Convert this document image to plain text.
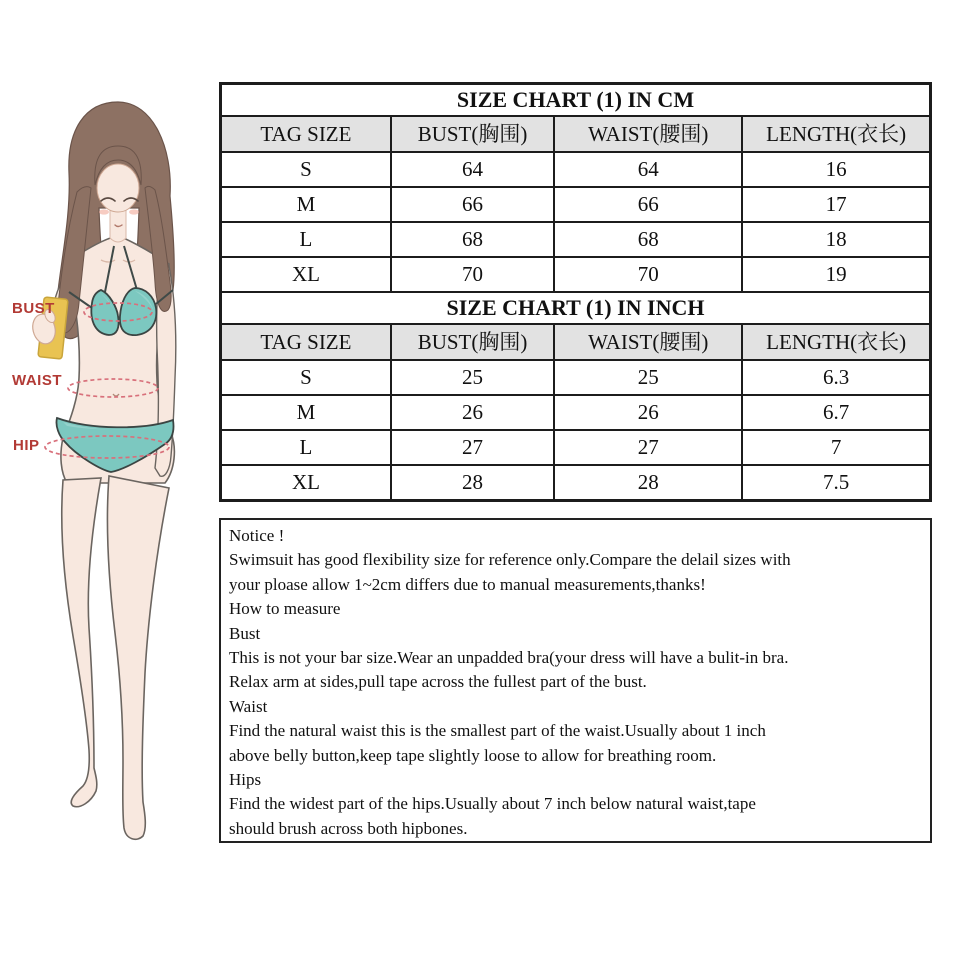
BUST
WAIST
HIP
SIZE CHART (1) IN CM			
TAG SIZE	BUST(胸围)	WAIST(腰围)	LENGTH(衣长)
S	64	64	16
M	66	66	17
L	68	68	18
XL	70	70	19
SIZE CHART (1) IN INCH			
TAG SIZE	BUST(胸围)	WAIST(腰围)	LENGTH(衣长)
S	25	25	6.3
M	26	26	6.7
L	27	27	7
XL	28	28	7.5
Notice !
Swimsuit has good flexibility size for reference only.Compare the delail sizes with
your ploase allow 1~2cm differs due to manual measurements,thanks!
How to measure
Bust
This is not your bar size.Wear an unpadded bra(your dress will have a bulit-in bra.
Relax arm at sides,pull tape across the fullest part of the bust.
Waist
Find the natural waist this is the smallest part of the waist.Usually about 1 inch
above belly button,keep tape slightly loose to allow for breathing room.
Hips
Find the widest part of the hips.Usually about 7 inch below natural waist,tape
should brush across both hipbones.
